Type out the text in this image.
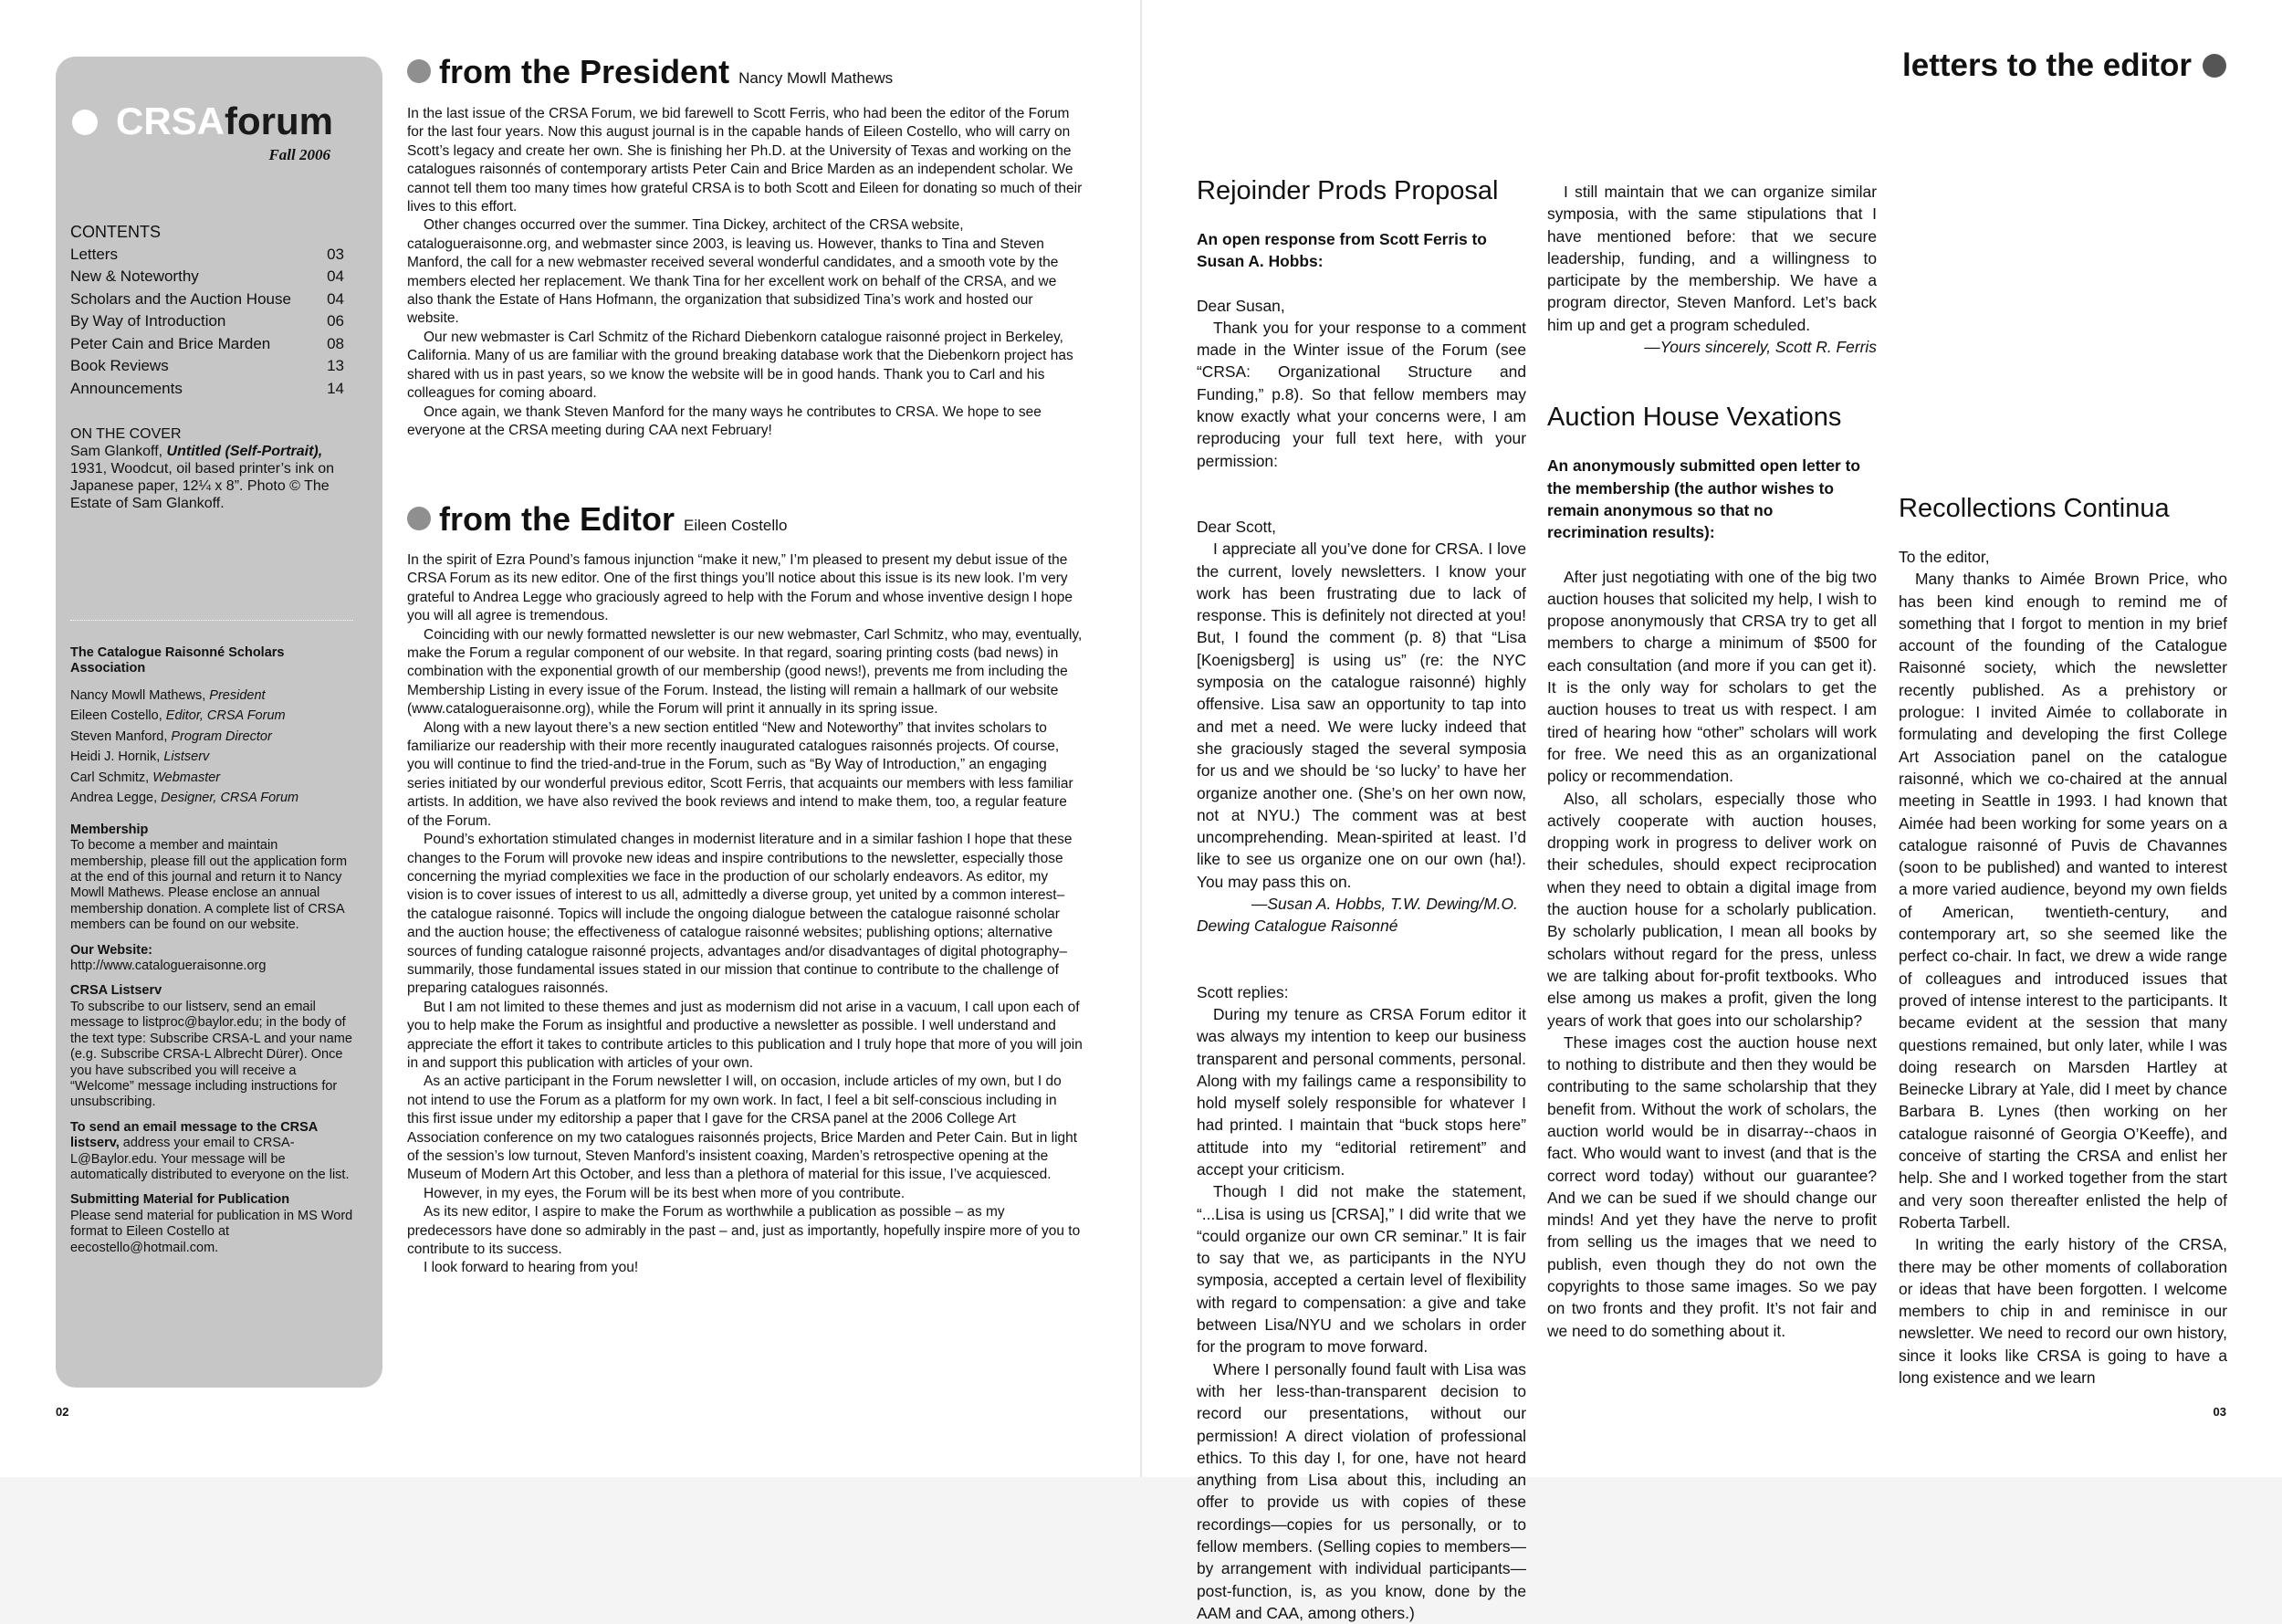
CRSAforum
Fall 2006
CONTENTS
Letters	03
New & Noteworthy	04
Scholars and the Auction House 04
By Way of Introduction	06
Peter Cain and Brice Marden	08
Book Reviews	13
Announcements	14
ON THE COVER
Sam Glankoff, Untitled (Self-Portrait), 1931, Woodcut, oil based printer’s ink on Japanese paper, 12¼ x 8”. Photo © The Estate of Sam Glankoff.

The Catalogue Raisonné Scholars Association

Nancy Mowll Mathews, President
Eileen Costello, Editor, CRSA Forum
Steven Manford, Program Director
Heidi J. Hornik, Listserv
Carl Schmitz, Webmaster
Andrea Legge, Designer, CRSA Forum

Membership

To become a member and maintain membership, please fill out the application form at the end of this journal and return it to Nancy Mowll Mathews. Please enclose an annual membership donation. A complete list of CRSA members can be found on our website.

Our Website:

http://www.catalogueraisonne.org

CRSA Listserv

To subscribe to our listserv, send an email message to listproc@baylor.edu; in the body of the text type: Subscribe CRSA-L and your name (e.g. Subscribe CRSA-L Albrecht Dürer). Once you have subscribed you will receive a “Welcome” message including instructions for unsubscribing.

To send an email message to the CRSA listserv, address your email to CRSA-L@Baylor.edu. Your message will be automatically distributed to everyone on the list.

Submitting Material for Publication

Please send material for publication in MS Word format to Eileen Costello at eecostello@hotmail.com.

from the President Nancy Mowll Mathews

In the last issue of the CRSA Forum, we bid farewell to Scott Ferris, who had been the editor of the Forum for the last four years. Now this august journal is in the capable hands of Eileen Costello, who will carry on Scott’s legacy and create her own. She is finishing her Ph.D. at the University of Texas and working on the catalogues raisonnés of contemporary artists Peter Cain and Brice Marden as an independent scholar. We cannot tell them too many times how grateful CRSA is to both Scott and Eileen for donating so much of their lives to this effort.

Other changes occurred over the summer. Tina Dickey, architect of the CRSA website, catalogueraisonne.org, and webmaster since 2003, is leaving us. However, thanks to Tina and Steven Manford, the call for a new webmaster received several wonderful candidates, and a smooth vote by the members elected her replacement. We thank Tina for her excellent work on behalf of the CRSA, and we also thank the Estate of Hans Hofmann, the organization that subsidized Tina’s work and hosted our website.

Our new webmaster is Carl Schmitz of the Richard Diebenkorn catalogue raisonné project in Berkeley, California. Many of us are familiar with the ground breaking database work that the Diebenkorn project has shared with us in past years, so we know the website will be in good hands. Thank you to Carl and his colleagues for coming aboard.

Once again, we thank Steven Manford for the many ways he contributes to CRSA. We hope to see everyone at the CRSA meeting during CAA next February!

from the Editor Eileen Costello

In the spirit of Ezra Pound’s famous injunction “make it new,” I’m pleased to present my debut issue of the CRSA Forum as its new editor. One of the first things you’ll notice about this issue is its new look. I’m very grateful to Andrea Legge who graciously agreed to help with the Forum and whose inventive design I hope you will all agree is tremendous.

Coinciding with our newly formatted newsletter is our new webmaster, Carl Schmitz, who may, eventually, make the Forum a regular component of our website. In that regard, soaring printing costs (bad news) in combination with the exponential growth of our membership (good news!), prevents me from including the Membership Listing in every issue of the Forum. Instead, the listing will remain a hallmark of our website (www.catalogueraisonne.org), while the Forum will print it annually in its spring issue.

Along with a new layout there’s a new section entitled “New and Noteworthy” that invites scholars to familiarize our readership with their more recently inaugurated catalogues raisonnés projects. Of course, you will continue to find the tried-and-true in the Forum, such as “By Way of Introduction,” an engaging series initiated by our wonderful previous editor, Scott Ferris, that acquaints our members with less familiar artists. In addition, we have also revived the book reviews and intend to make them, too, a regular feature of the Forum.

Pound’s exhortation stimulated changes in modernist literature and in a similar fashion I hope that these changes to the Forum will provoke new ideas and inspire contributions to the newsletter, especially those concerning the myriad complexities we face in the production of our scholarly endeavors. As editor, my vision is to cover issues of interest to us all, admittedly a diverse group, yet united by a common interest–the catalogue raisonné. Topics will include the ongoing dialogue between the catalogue raisonné scholar and the auction house; the effectiveness of catalogue raisonné websites; publishing options; alternative sources of funding catalogue raisonné projects, advantages and/or disadvantages of digital photography–summarily, those fundamental issues stated in our mission that continue to contribute to the challenge of preparing catalogues raisonnés.

But I am not limited to these themes and just as modernism did not arise in a vacuum, I call upon each of you to help make the Forum as insightful and productive a newsletter as possible. I well understand and appreciate the effort it takes to contribute articles to this publication and I truly hope that more of you will join in and support this publication with articles of your own.

As an active participant in the Forum newsletter I will, on occasion, include articles of my own, but I do not intend to use the Forum as a platform for my own work. In fact, I feel a bit self-conscious including in this first issue under my editorship a paper that I gave for the CRSA panel at the 2006 College Art Association conference on my two catalogues raisonnés projects, Brice Marden and Peter Cain. But in light of the session’s low turnout, Steven Manford’s insistent coaxing, Marden’s retrospective opening at the Museum of Modern Art this October, and less than a plethora of material for this issue, I’ve acquiesced.

However, in my eyes, the Forum will be its best when more of you contribute.

As its new editor, I aspire to make the Forum as worthwhile a publication as possible – as my predecessors have done so admirably in the past – and, just as importantly, hopefully inspire more of you to contribute to its success.

I look forward to hearing from you!

02
letters to the editor
Rejoinder Prods Proposal

An open response from Scott Ferris to Susan A. Hobbs:

Dear Susan,

Thank you for your response to a comment made in the Winter issue of the Forum (see “CRSA: Organizational Structure and Funding,” p.8). So that fellow members may know exactly what your concerns were, I am reproducing your full text here, with your permission:

Dear Scott,

I appreciate all you’ve done for CRSA. I love the current, lovely newsletters. I know your work has been frustrating due to lack of response. This is definitely not directed at you! But, I found the comment (p. 8) that “Lisa [Koenigsberg] is using us” (re: the NYC symposia on the catalogue raisonné) highly offensive. Lisa saw an opportunity to tap into and met a need. We were lucky indeed that she graciously staged the several symposia for us and we should be ‘so lucky’ to have her organize another one. (She’s on her own now, not at NYU.) The comment was at best uncomprehending. Mean-spirited at least. I’d like to see us organize one on our own (ha!). You may pass this on.

—Susan A. Hobbs, T.W. Dewing/M.O. Dewing Catalogue Raisonné

Scott replies:

During my tenure as CRSA Forum editor it was always my intention to keep our business transparent and personal comments, personal. Along with my failings came a responsibility to hold myself solely responsible for whatever I had printed. I maintain that “buck stops here” attitude into my “editorial retirement” and accept your criticism.

Though I did not make the statement, “...Lisa is using us [CRSA],” I did write that we “could organize our own CR seminar.” It is fair to say that we, as participants in the NYU symposia, accepted a certain level of flexibility with regard to compensation: a give and take between Lisa/NYU and we scholars in order for the program to move forward.

Where I personally found fault with Lisa was with her less-than-transparent decision to record our presentations, without our permission! A direct violation of professional ethics. To this day I, for one, have not heard anything from Lisa about this, including an offer to provide us with copies of these recordings—copies for us personally, or to fellow members. (Selling copies to members—by arrangement with individual participants—post-function, is, as you know, done by the AAM and CAA, among others.)

I still maintain that we can organize similar symposia, with the same stipulations that I have mentioned before: that we secure leadership, funding, and a willingness to participate by the membership. We have a program director, Steven Manford. Let’s back him up and get a program scheduled.

—Yours sincerely, Scott R. Ferris

Auction House Vexations

An anonymously submitted open letter to the membership (the author wishes to remain anonymous so that no recrimination results):

After just negotiating with one of the big two auction houses that solicited my help, I wish to propose anonymously that CRSA try to get all members to charge a minimum of $500 for each consultation (and more if you can get it). It is the only way for scholars to get the auction houses to treat us with respect. I am tired of hearing how “other” scholars will work for free. We need this as an organizational policy or recommendation.

Also, all scholars, especially those who actively cooperate with auction houses, dropping work in progress to deliver work on their schedules, should expect reciprocation when they need to obtain a digital image from the auction house for a scholarly publication. By scholarly publication, I mean all books by scholars without regard for the press, unless we are talking about for-profit textbooks. Who else among us makes a profit, given the long years of work that goes into our scholarship?

These images cost the auction house next to nothing to distribute and then they would be contributing to the same scholarship that they benefit from. Without the work of scholars, the auction world would be in disarray--chaos in fact. Who would want to invest (and that is the correct word today) without our guarantee? And we can be sued if we should change our minds! And yet they have the nerve to profit from selling us the images that we need to publish, even though they do not own the copyrights to those same images. So we pay on two fronts and they profit. It’s not fair and we need to do something about it.

Recollections Continua

To the editor,

Many thanks to Aimée Brown Price, who has been kind enough to remind me of something that I forgot to mention in my brief account of the founding of the Catalogue Raisonné society, which the newsletter recently published. As a prehistory or prologue: I invited Aimée to collaborate in formulating and developing the first College Art Association panel on the catalogue raisonné, which we co-chaired at the annual meeting in Seattle in 1993. I had known that Aimée had been working for some years on a catalogue raisonné of Puvis de Chavannes (soon to be published) and wanted to interest a more varied audience, beyond my own fields of American, twentieth-century, and contemporary art, so she seemed like the perfect co-chair. In fact, we drew a wide range of colleagues and introduced issues that proved of intense interest to the participants. It became evident at the session that many questions remained, but only later, while I was doing research on Marsden Hartley at Beinecke Library at Yale, did I meet by chance Barbara B. Lynes (then working on her catalogue raisonné of Georgia O’Keeffe), and conceive of starting the CRSA and enlist her help. She and I worked together from the start and very soon thereafter enlisted the help of Roberta Tarbell.

In writing the early history of the CRSA, there may be other moments of collaboration or ideas that have been forgotten. I welcome members to chip in and reminisce in our newsletter. We need to record our own history, since it looks like CRSA is going to have a long existence and we learn

03
